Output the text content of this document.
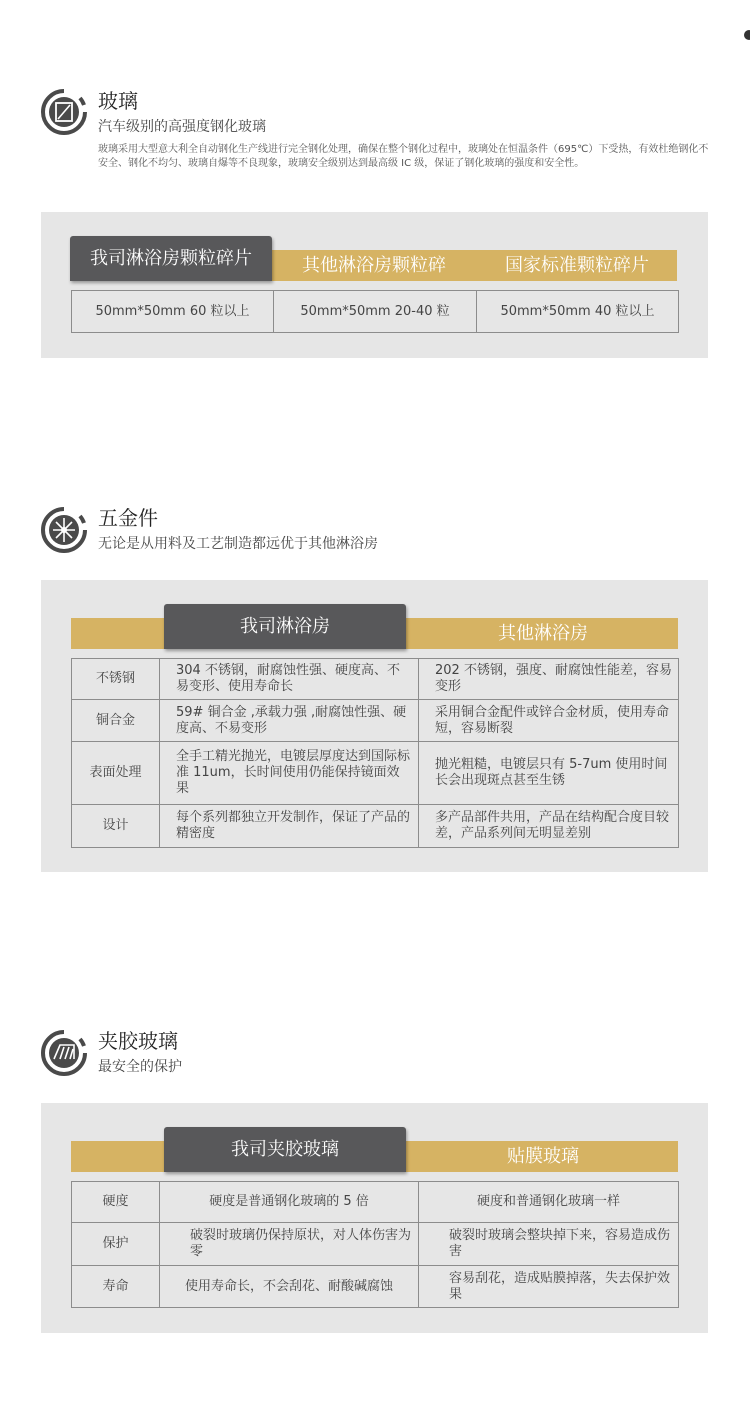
玻璃
汽车级别的高强度钢化玻璃
玻璃采用大型意大利全自动钢化生产线进行完全钢化处理，确保在整个钢化过程中，玻璃处在恒温条件（695℃）下受热，有效杜绝钢化不安全、钢化不均匀、玻璃自爆等不良现象，玻璃安全级别达到最高级 IC 级，保证了钢化玻璃的强度和安全性。
我司淋浴房颗粒碎片	其他淋浴房颗粒碎	国家标准颗粒碎片
50mm*50mm 60 粒以上	50mm*50mm 20-40 粒	50mm*50mm 40 粒以上
五金件
无论是从用料及工艺制造都远优于其他淋浴房
我司淋浴房	其他淋浴房
不锈钢	304 不锈钢，耐腐蚀性强、硬度高、不易变形、使用寿命长	202 不锈钢，强度、耐腐蚀性能差，容易变形
铜合金	59# 铜合金 ,承载力强 ,耐腐蚀性强、硬度高、不易变形	采用铜合金配件或锌合金材质，使用寿命短，容易断裂
表面处理	全手工精光抛光，电镀层厚度达到国际标准 11um，长时间使用仍能保持镜面效果	抛光粗糙，电镀层只有 5-7um 使用时间长会出现斑点甚至生锈
设计	每个系列都独立开发制作，保证了产品的精密度	多产品部件共用，产品在结构配合度目较差，产品系列间无明显差别
夹胶玻璃
最安全的保护
我司夹胶玻璃	贴膜玻璃
硬度	硬度是普通钢化玻璃的 5 倍	硬度和普通钢化玻璃一样
保护	破裂时玻璃仍保持原状，对人体伤害为零	破裂时玻璃会整块掉下来，容易造成伤害
寿命	使用寿命长，不会刮花、耐酸碱腐蚀	容易刮花，造成贴膜掉落，失去保护效果
